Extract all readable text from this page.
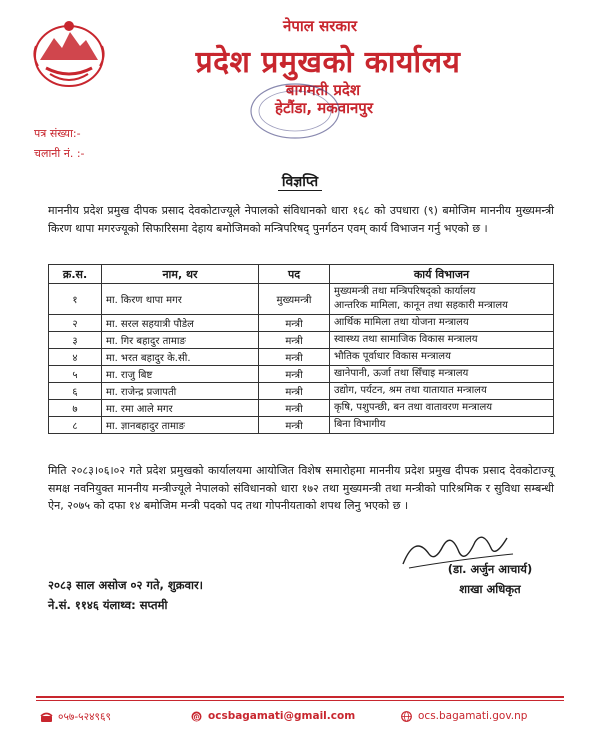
नेपाल सरकार
प्रदेश प्रमुखको कार्यालय
बागमती प्रदेश
हेटौंडा, मकवानपुर
पत्र संख्या:-
चलानी नं. :-
विज्ञप्ति
माननीय प्रदेश प्रमुख दीपक प्रसाद देवकोटाज्यूले नेपालको संविधानको धारा १६८ को उपधारा (९) बमोजिम माननीय मुख्यमन्त्री किरण थापा मगरज्यूको सिफारिसमा देहाय बमोजिमको मन्त्रिपरिषद् पुनर्गठन एवम् कार्य विभाजन गर्नु भएको छ ।
क्र.स.	नाम, थर	पद	कार्य विभाजन
१	मा. किरण थापा मगर	मुख्यमन्त्री	मुख्यमन्त्री तथा मन्त्रिपरिषद्को कार्यालय
आन्तरिक मामिला, कानून तथा सहकारी मन्त्रालय

२	मा. सरल सहयात्री पौडेल	मन्त्री	आर्थिक मामिला तथा योजना मन्त्रालय

३	मा. गिर बहादुर तामाङ	मन्त्री	स्वास्थ्य तथा सामाजिक विकास मन्त्रालय

४	मा. भरत बहादुर के.सी.	मन्त्री	भौतिक पूर्वाधार विकास मन्त्रालय

५	मा. राजु बिष्ट	मन्त्री	खानेपानी, ऊर्जा तथा सिँचाइ मन्त्रालय

६	मा. राजेन्द्र प्रजापती	मन्त्री	उद्योग, पर्यटन, श्रम तथा यातायात मन्त्रालय

७	मा. रमा आले मगर	मन्त्री	कृषि, पशुपन्छी, बन तथा वातावरण मन्त्रालय

८	मा. ज्ञानबहादुर तामाङ	मन्त्री	बिना विभागीय
मिति २०८३।०६।०२ गते प्रदेश प्रमुखको कार्यालयमा आयोजित विशेष समारोहमा माननीय प्रदेश प्रमुख दीपक प्रसाद देवकोटाज्यू समक्ष नवनियुक्त माननीय मन्त्रीज्यूले नेपालको संविधानको धारा १७२ तथा मुख्यमन्त्री तथा मन्त्रीको पारिश्रमिक र सुविधा सम्बन्धी ऐन, २०७५ को दफा १४ बमोजिम मन्त्री पदको पद तथा गोपनीयताको शपथ लिनु भएको छ ।
(डा. अर्जुन आचार्य)
शाखा अधिकृत
२०८३ साल असोज ०२ गते, शुक्रवार।
ने.सं. ११४६ यंलाथ्व: सप्तमी
०५७-५२४९६९	@ ocsbagamati@gmail.com	ocs.bagamati.gov.np
